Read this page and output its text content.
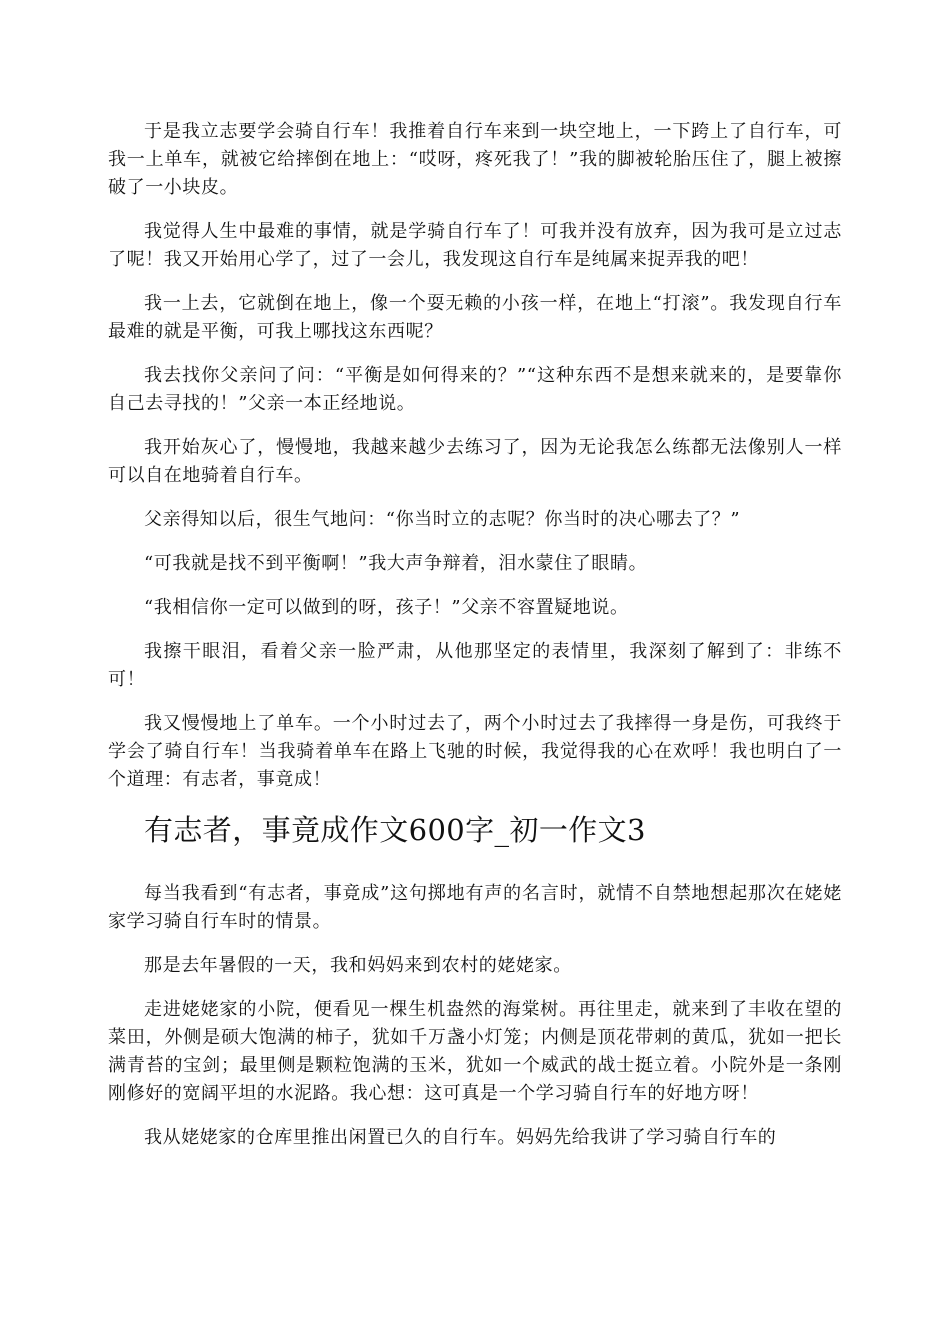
于是我立志要学会骑自行车！我推着自行车来到一块空地上，一下跨上了自行车，可我一上单车，就被它给摔倒在地上：“哎呀，疼死我了！”我的脚被轮胎压住了，腿上被擦破了一小块皮。

我觉得人生中最难的事情，就是学骑自行车了！可我并没有放弃，因为我可是立过志了呢！我又开始用心学了，过了一会儿，我发现这自行车是纯属来捉弄我的吧！

我一上去，它就倒在地上，像一个耍无赖的小孩一样，在地上“打滚”。我发现自行车最难的就是平衡，可我上哪找这东西呢？

我去找你父亲问了问：“平衡是如何得来的？”“这种东西不是想来就来的，是要靠你自己去寻找的！”父亲一本正经地说。

我开始灰心了，慢慢地，我越来越少去练习了，因为无论我怎么练都无法像别人一样可以自在地骑着自行车。

父亲得知以后，很生气地问：“你当时立的志呢？你当时的决心哪去了？”

“可我就是找不到平衡啊！”我大声争辩着，泪水蒙住了眼睛。

“我相信你一定可以做到的呀，孩子！”父亲不容置疑地说。

我擦干眼泪，看着父亲一脸严肃，从他那坚定的表情里，我深刻了解到了：非练不可！

我又慢慢地上了单车。一个小时过去了，两个小时过去了我摔得一身是伤，可我终于学会了骑自行车！当我骑着单车在路上飞驰的时候，我觉得我的心在欢呼！我也明白了一个道理：有志者，事竟成！

有志者，事竟成作文600字_初一作文3

每当我看到“有志者，事竟成”这句掷地有声的名言时，就情不自禁地想起那次在姥姥家学习骑自行车时的情景。

那是去年暑假的一天，我和妈妈来到农村的姥姥家。

走进姥姥家的小院，便看见一棵生机盎然的海棠树。再往里走，就来到了丰收在望的菜田，外侧是硕大饱满的柿子，犹如千万盏小灯笼；内侧是顶花带刺的黄瓜，犹如一把长满青苔的宝剑；最里侧是颗粒饱满的玉米，犹如一个威武的战士挺立着。小院外是一条刚刚修好的宽阔平坦的水泥路。我心想：这可真是一个学习骑自行车的好地方呀！

我从姥姥家的仓库里推出闲置已久的自行车。妈妈先给我讲了学习骑自行车的
